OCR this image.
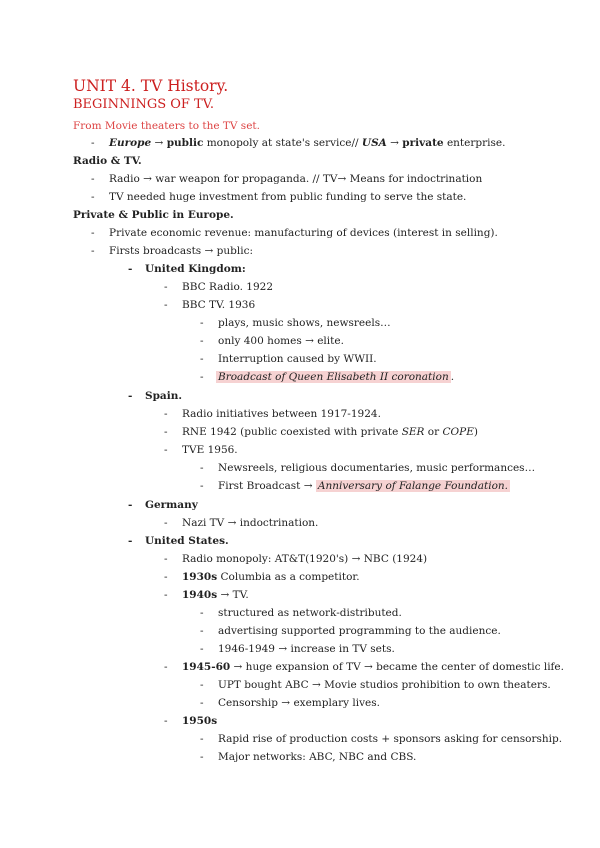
UNIT 4. TV History.
BEGINNINGS OF TV.
From Movie theaters to the TV set.
- Europe → public monopoly at state's service// USA → private enterprise.
Radio & TV.
- Radio → war weapon for propaganda. // TV→ Means for indoctrination
- TV needed huge investment from public funding to serve the state.
Private & Public in Europe.
- Private economic revenue: manufacturing of devices (interest in selling).
- Firsts broadcasts → public:
- United Kingdom:
- BBC Radio. 1922
- BBC TV. 1936
- plays, music shows, newsreels…
- only 400 homes → elite.
- Interruption caused by WWII.
- Broadcast of Queen Elisabeth II coronation .
- Spain.
- Radio initiatives between 1917-1924.
- RNE 1942 (public coexisted with private SER or COPE)
- TVE 1956.
- Newsreels, religious documentaries, music performances…
- First Broadcast → Anniversary of Falange Foundation.
- Germany
- Nazi TV → indoctrination.
- United States.
- Radio monopoly: AT&T(1920's) → NBC (1924)
- 1930s Columbia as a competitor.
- 1940s → TV.
- structured as network-distributed.
- advertising supported programming to the audience.
- 1946-1949 → increase in TV sets.
- 1945-60 → huge expansion of TV → became the center of domestic life.
- UPT bought ABC → Movie studios prohibition to own theaters.
- Censorship → exemplary lives.
- 1950s
- Rapid rise of production costs + sponsors asking for censorship.
- Major networks: ABC, NBC and CBS.
